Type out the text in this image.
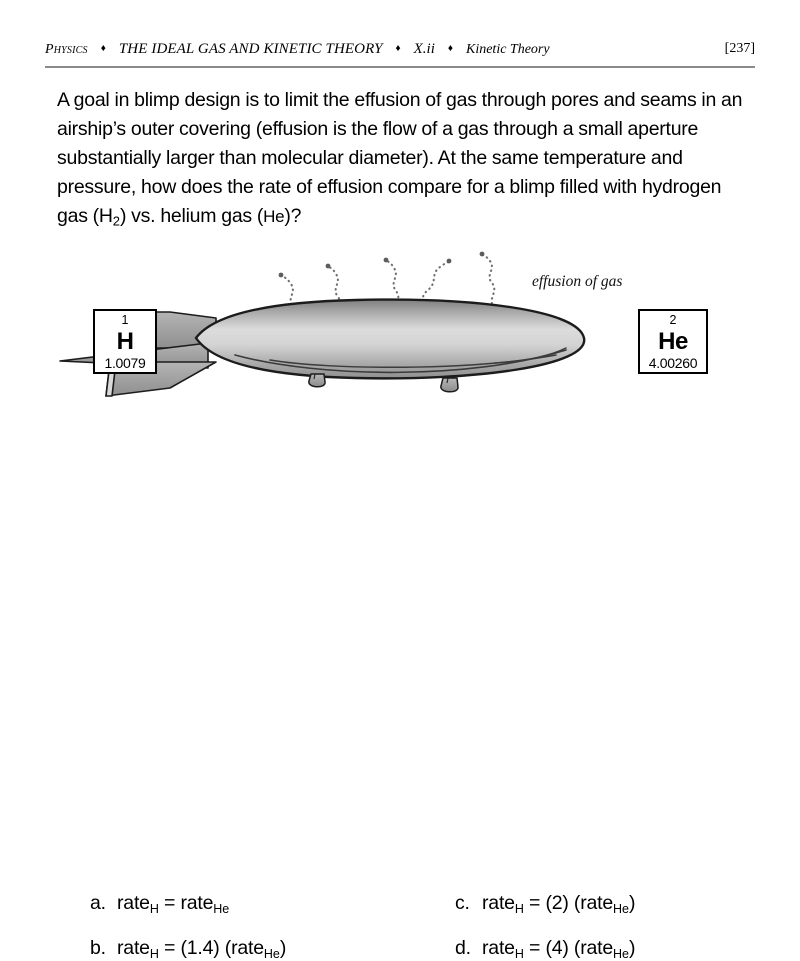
Physics	♦ THE IDEAL GAS AND KINETIC THEORY	♦ X.ii	♦ Kinetic Theory	[237]
A goal in blimp design is to limit the effusion of gas through pores and seams in an airship’s outer covering (effusion is the flow of a gas through a small aperture substantially larger than molecular diameter). At the same temperature and pressure, how does the rate of effusion compare for a blimp filled with hydrogen gas $(H_2)$ vs. helium gas (He)?
effusion of gas
1
H
1.0079
2
He
4.00260
a. rate$_H$ = rate$_{He}$
b. rate$_H$ = (1.4) (rate$_{He}$)
c. rate$_H$ = (2) (rate$_{He}$)
d. rate$_H$ = (4) (rate$_{He}$)
